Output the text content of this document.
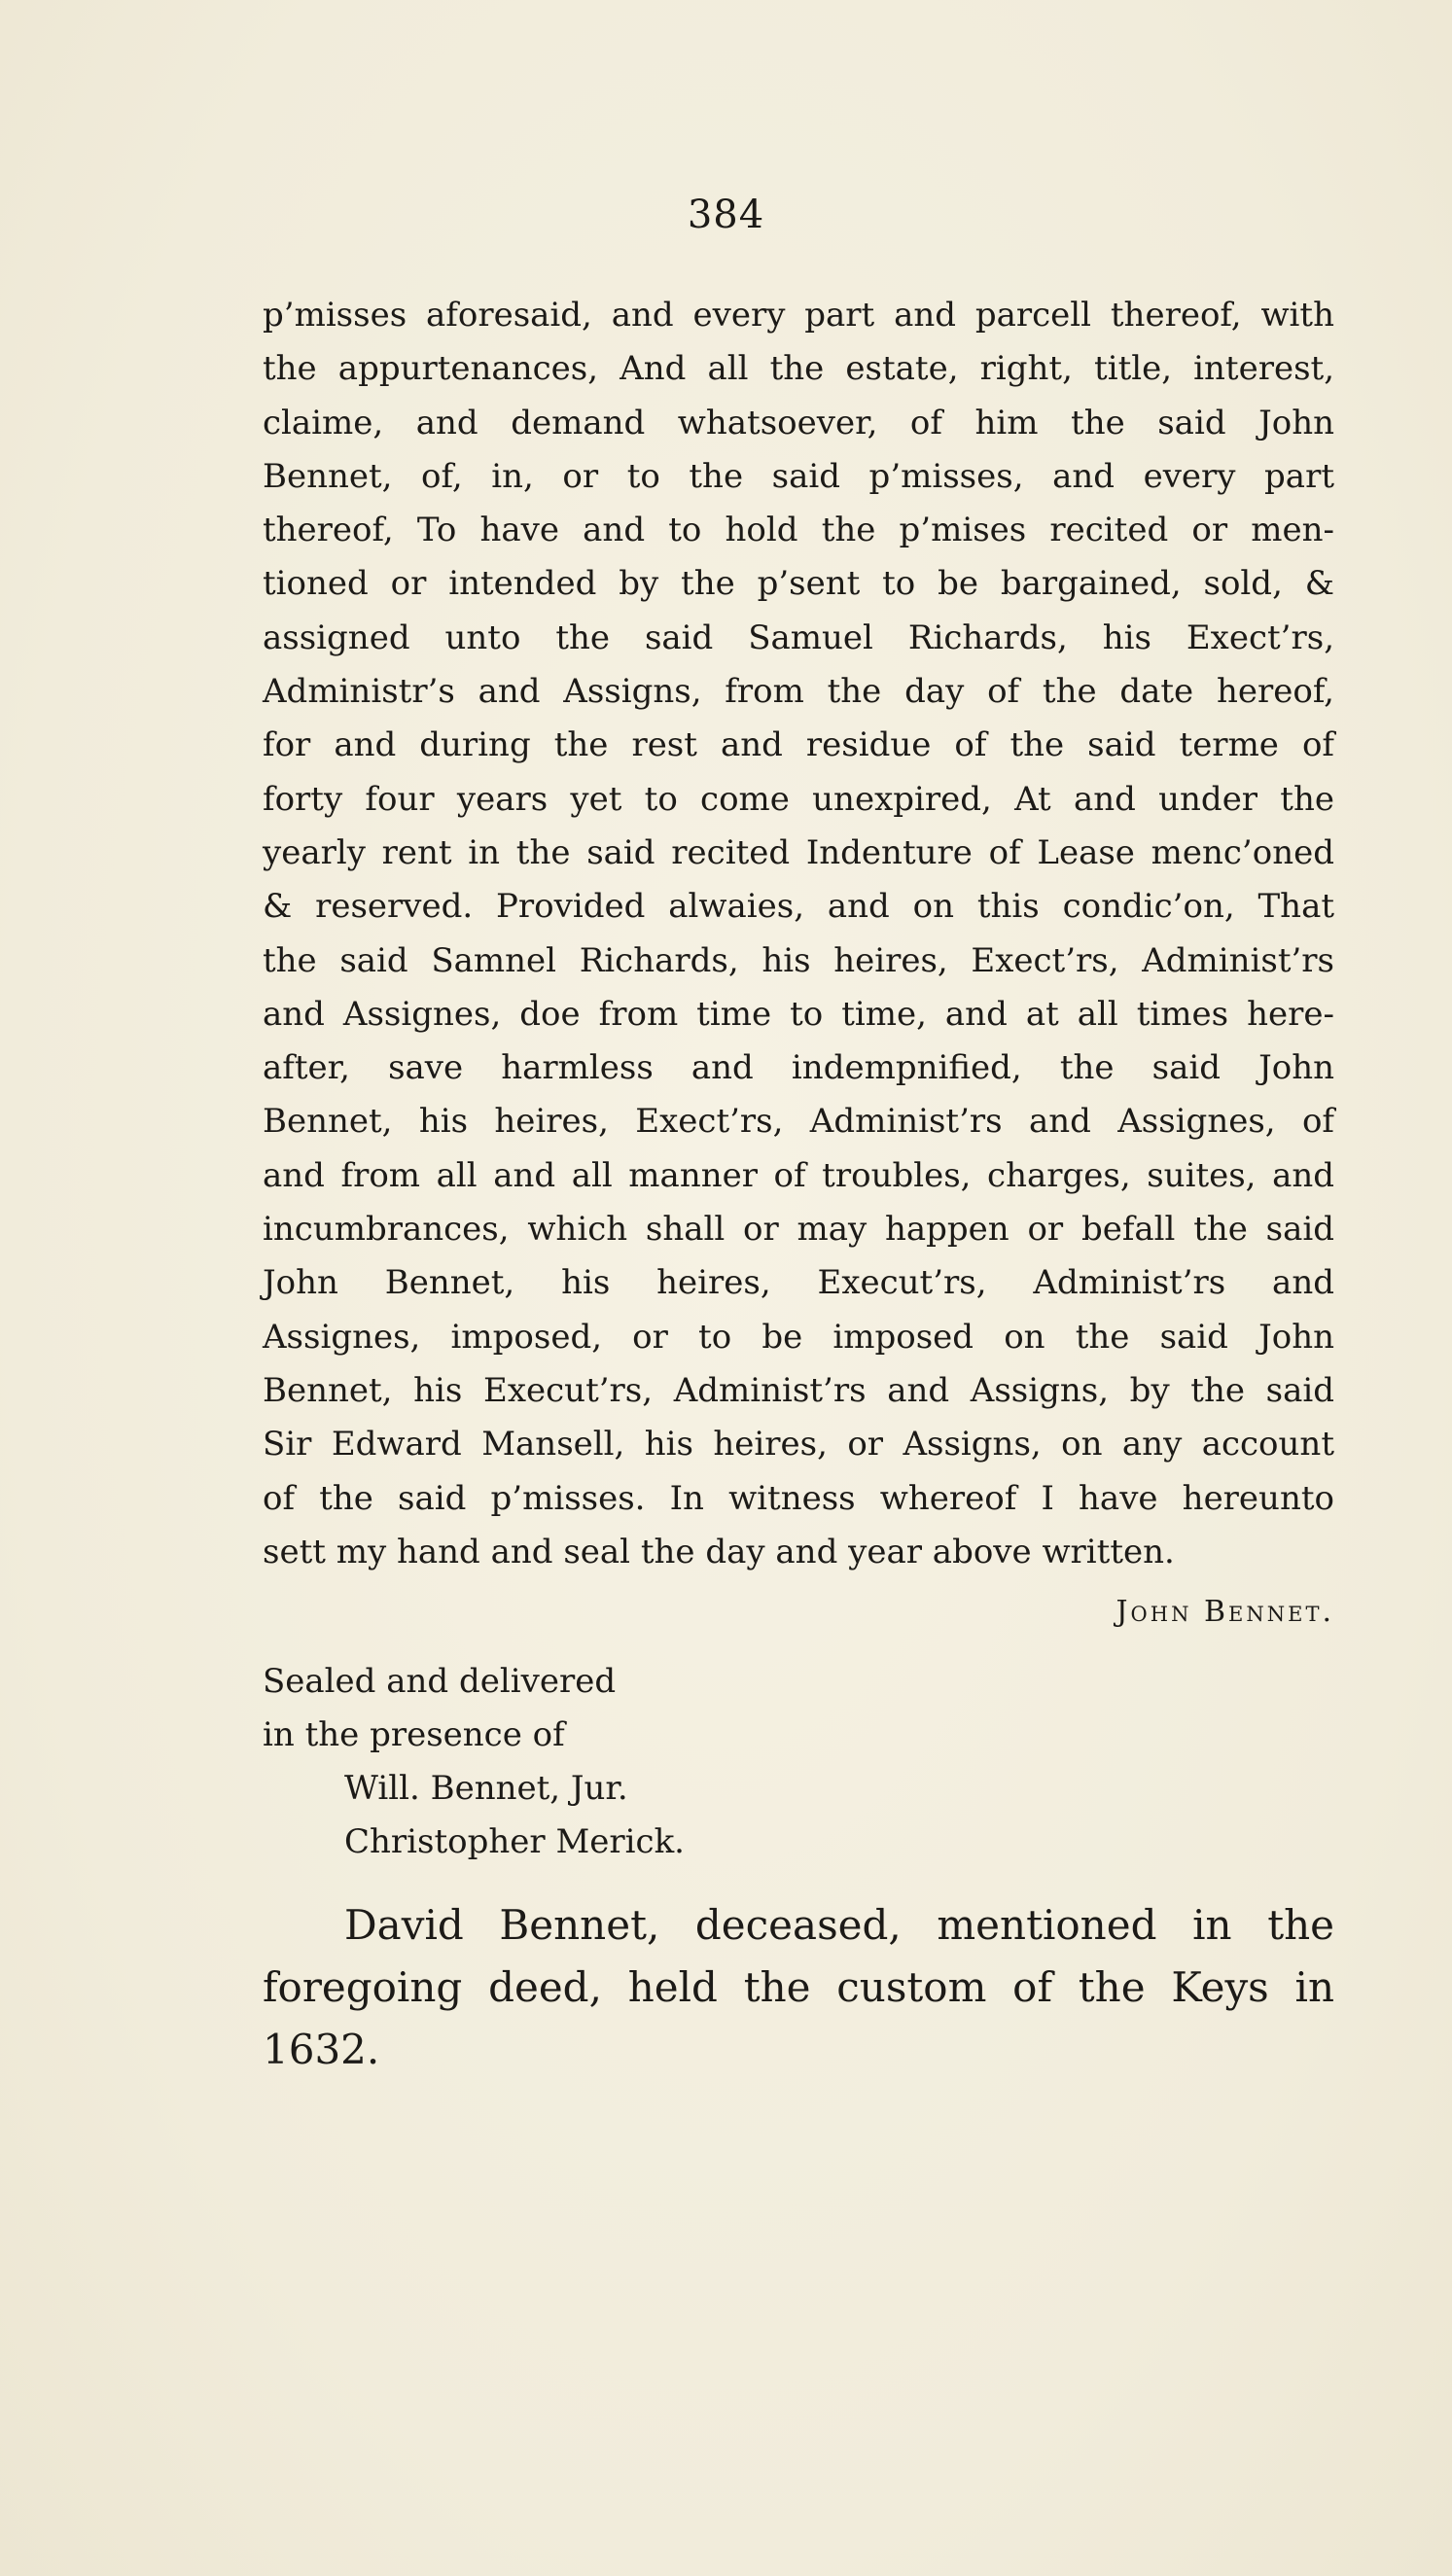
384
p’misses aforesaid, and every part and parcell thereof, with
the appurtenances, And all the estate, right, title, interest,
claime, and demand whatsoever, of him the said John
Bennet, of, in, or to the said p’misses, and every part
thereof, To have and to hold the p’mises recited or men-
tioned or intended by the p’sent to be bargained, sold, &
assigned unto the said Samuel Richards, his Exect’rs,
Administr’s and Assigns, from the day of the date hereof,
for and during the rest and residue of the said terme of
forty four years yet to come unexpired, At and under the
yearly rent in the said recited Indenture of Lease menc’oned
& reserved. Provided alwaies, and on this condic’on, That
the said Samnel Richards, his heires, Exect’rs, Administ’rs
and Assignes, doe from time to time, and at all times here-
after, save harmless and indempnified, the said John
Bennet, his heires, Exect’rs, Administ’rs and Assignes, of
and from all and all manner of troubles, charges, suites, and
incumbrances, which shall or may happen or befall the said
John Bennet, his heires, Execut’rs, Administ’rs and
Assignes, imposed, or to be imposed on the said John
Bennet, his Execut’rs, Administ’rs and Assigns, by the said
Sir Edward Mansell, his heires, or Assigns, on any account
of the said p’misses. In witness whereof I have hereunto
sett my hand and seal the day and year above written.
John Bennet.
Sealed and delivered
in the presence of
Will. Bennet, Jur.
Christopher Merick.
David Bennet, deceased, mentioned in the
foregoing deed, held the custom of the Keys in
1632.
